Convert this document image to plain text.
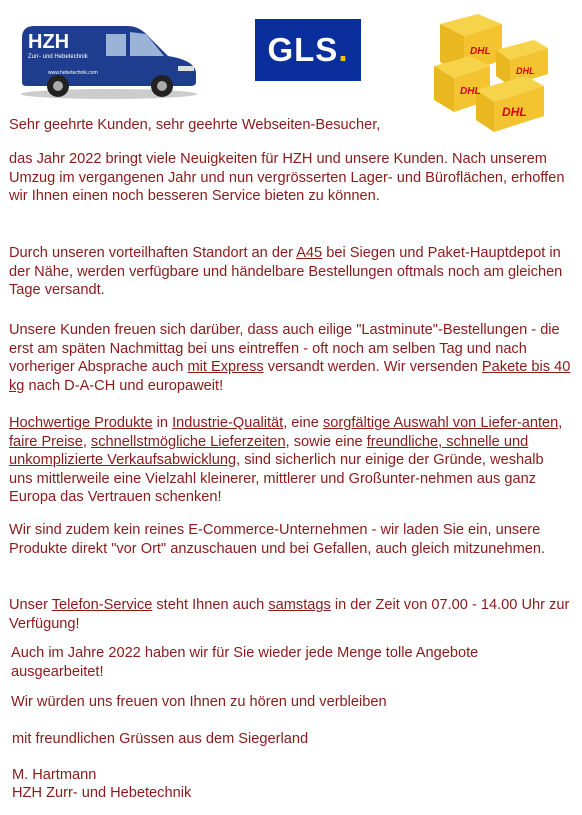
HZH
Zurr- und Hebetechnik
www.hebetechnik.com
GLS .	DHL
DHL
DHL
DHL

Sehr geehrte Kunden, sehr geehrte Webseiten-Besucher,

das Jahr 2022 bringt viele Neuigkeiten für HZH und unsere Kunden. Nach unserem Umzug im vergangenen Jahr und nun vergrösserten Lager- und Büroflächen, erhoffen wir Ihnen einen noch besseren Service bieten zu können.

Durch unseren vorteilhaften Standort an der A45 bei Siegen und Paket-Hauptdepot in der Nähe, werden verfügbare und händelbare Bestellungen oftmals noch am gleichen Tage versandt.

Unsere Kunden freuen sich darüber, dass auch eilige "Lastminute"-Bestellungen - die erst am späten Nachmittag bei uns eintreffen - oft noch am selben Tag und nach vorheriger Absprache auch mit Express versandt werden. Wir versenden Pakete bis 40 kg nach D-A-CH und europaweit!

Hochwertige Produkte in Industrie-Qualität, eine sorgfältige Auswahl von Liefer-anten, faire Preise, schnellstmögliche Lieferzeiten, sowie eine freundliche, schnelle und unkomplizierte Verkaufsabwicklung, sind sicherlich nur einige der Gründe, weshalb uns mittlerweile eine Vielzahl kleinerer, mittlerer und Großunter-nehmen aus ganz Europa das Vertrauen schenken!

Wir sind zudem kein reines E-Commerce-Unternehmen - wir laden Sie ein, unsere Produkte direkt "vor Ort" anzuschauen und bei Gefallen, auch gleich mitzunehmen.

Unser Telefon-Service steht Ihnen auch samstags in der Zeit von 07.00 - 14.00 Uhr zur Verfügung!

Auch im Jahre 2022 haben wir für Sie wieder jede Menge tolle Angebote ausgearbeitet!

Wir würden uns freuen von Ihnen zu hören und verbleiben

mit freundlichen Grüssen aus dem Siegerland

M. Hartmann

HZH Zurr- und Hebetechnik
